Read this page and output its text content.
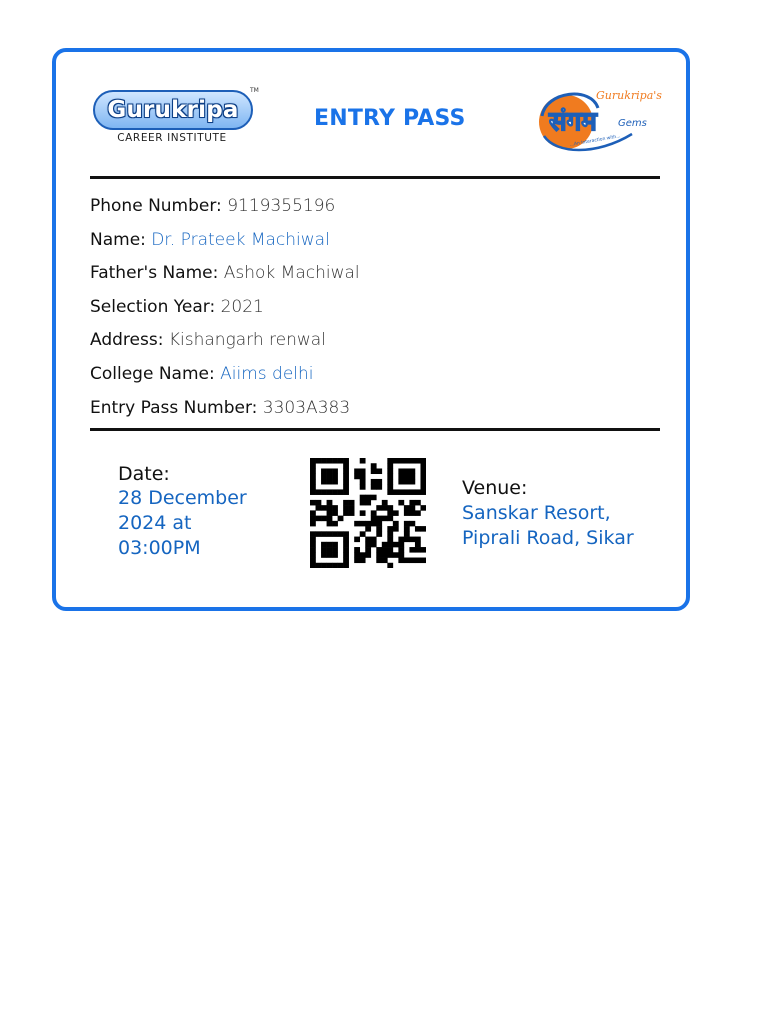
Gurukripa
TM
CAREER INSTITUTE
ENTRY PASS
Gurukripa's
संगम Gems
...An Interaction with...
Phone Number: 9119355196
Name: Dr. Prateek Machiwal
Father's Name: Ashok Machiwal
Selection Year: 2021
Address: Kishangarh renwal
College Name: Aiims delhi
Entry Pass Number: 3303A383
Date:
28 December
2024 at
03:00PM
Venue:
Sanskar Resort,
Piprali Road, Sikar
